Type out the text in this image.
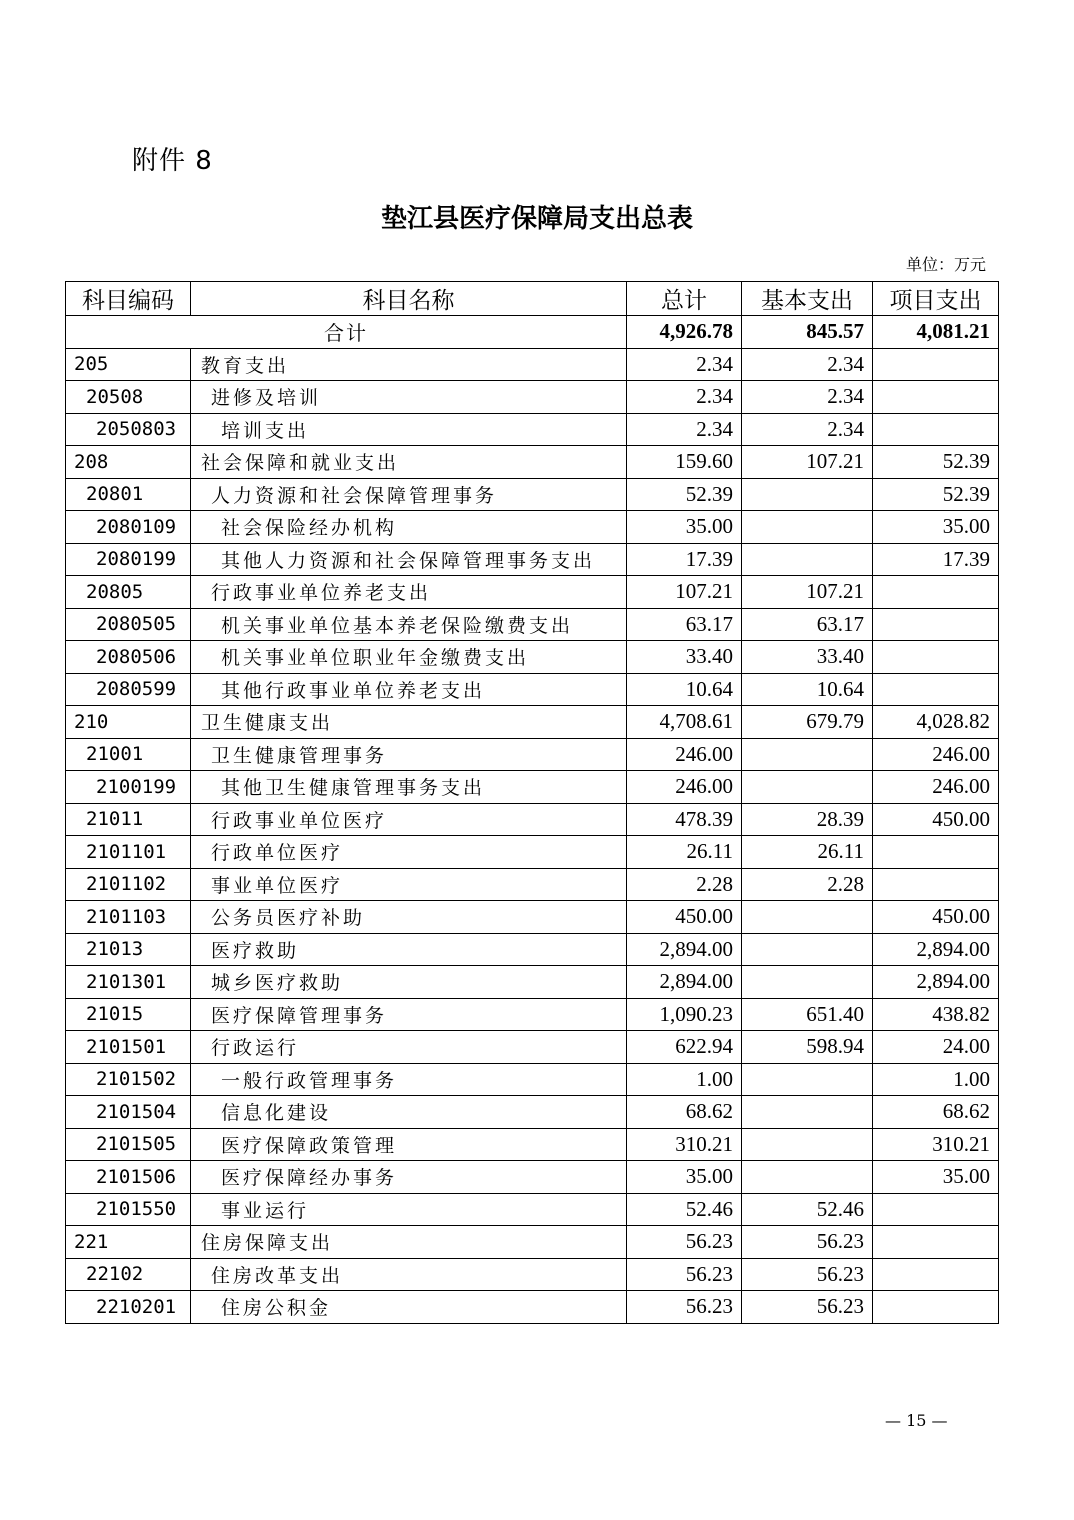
附件 8
垫江县医疗保障局支出总表
单位：万元
科目编码	科目名称	总计	基本支出	项目支出
合计		4,926.78	845.57	4,081.21
205	教育支出	2.34	2.34	
20508	进修及培训	2.34	2.34	
2050803	培训支出	2.34	2.34	
208	社会保障和就业支出	159.60	107.21	52.39
20801	人力资源和社会保障管理事务	52.39		52.39
2080109	社会保险经办机构	35.00		35.00
2080199	其他人力资源和社会保障管理事务支出	17.39		17.39
20805	行政事业单位养老支出	107.21	107.21	
2080505	机关事业单位基本养老保险缴费支出	63.17	63.17	
2080506	机关事业单位职业年金缴费支出	33.40	33.40	
2080599	其他行政事业单位养老支出	10.64	10.64	
210	卫生健康支出	4,708.61	679.79	4,028.82
21001	卫生健康管理事务	246.00		246.00
2100199	其他卫生健康管理事务支出	246.00		246.00
21011	行政事业单位医疗	478.39	28.39	450.00
2101101	行政单位医疗	26.11	26.11	
2101102	事业单位医疗	2.28	2.28	
2101103	公务员医疗补助	450.00		450.00
21013	医疗救助	2,894.00		2,894.00
2101301	城乡医疗救助	2,894.00		2,894.00
21015	医疗保障管理事务	1,090.23	651.40	438.82
2101501	行政运行	622.94	598.94	24.00
2101502	一般行政管理事务	1.00		1.00
2101504	信息化建设	68.62		68.62
2101505	医疗保障政策管理	310.21		310.21
2101506	医疗保障经办事务	35.00		35.00
2101550	事业运行	52.46	52.46	
221	住房保障支出	56.23	56.23	
22102	住房改革支出	56.23	56.23	
2210201	住房公积金	56.23	56.23	
— 15 —
